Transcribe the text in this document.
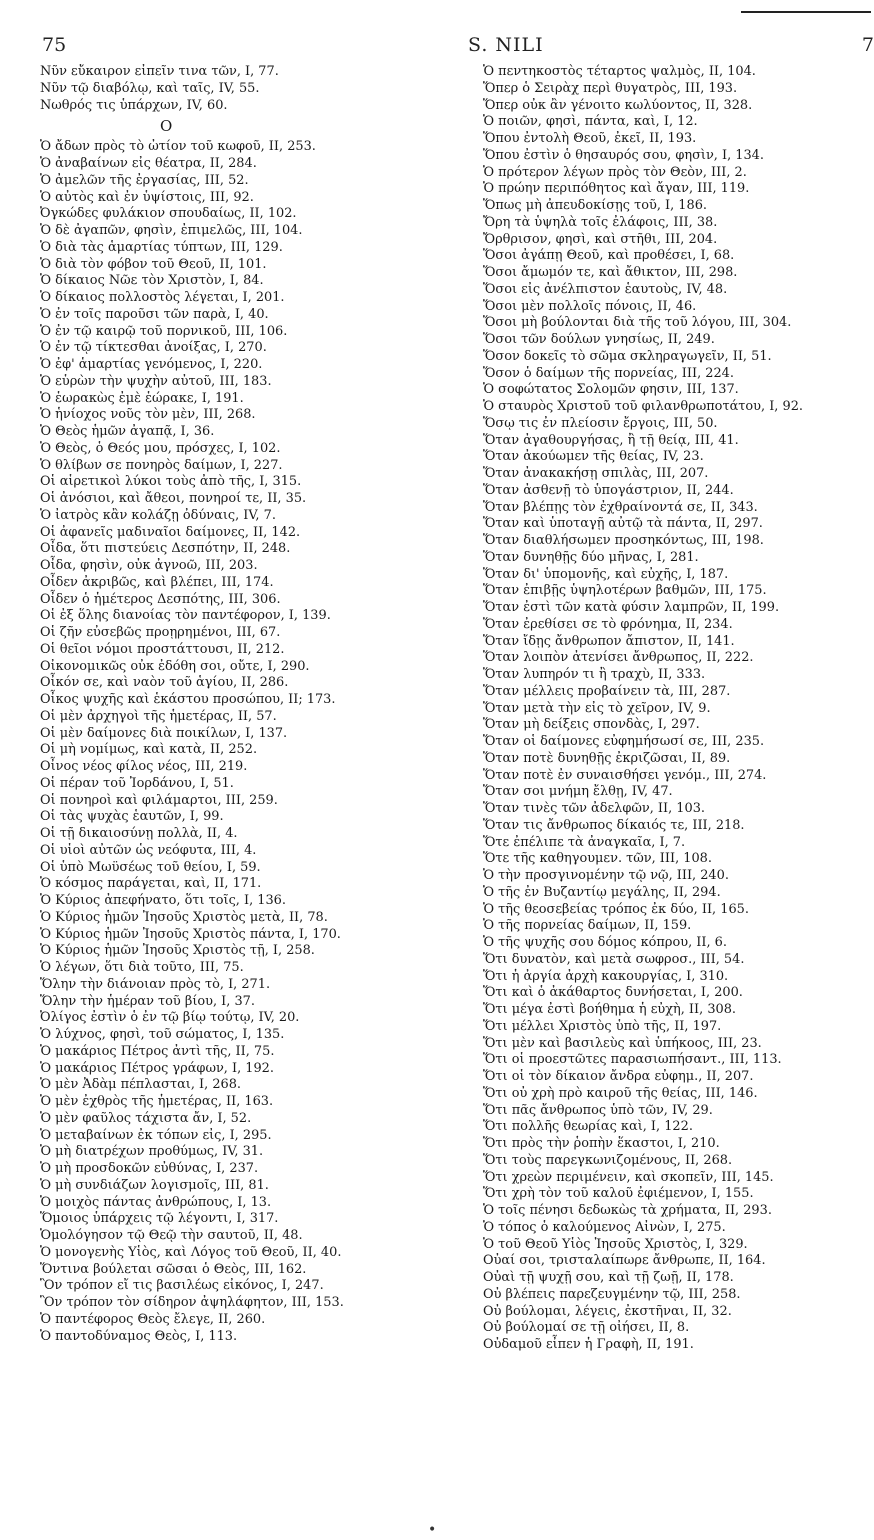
75	S. NILI	7
Νῦν εὔκαιρον εἰπεῖν τινα τῶν, I, 77.
Νῦν τῷ διαβόλῳ, καὶ ταῖς, IV, 55.
Νωθρός τις ὑπάρχων, IV, 60.
O
Ὁ ἄδων πρὸς τὸ ὠτίον τοῦ κωφοῦ, II, 253.
Ὁ ἀναβαίνων εἰς θέατρα, II, 284.
Ὁ ἀμελῶν τῆς ἐργασίας, III, 52.
Ὁ αὐτὸς καὶ ἐν ὑψίστοις, III, 92.
Ὀγκώδες φυλάκιον σπουδαίως, II, 102.
Ὁ δὲ ἀγαπῶν, φησὶν, ἐπιμελῶς, III, 104.
Ὁ διὰ τὰς ἁμαρτίας τύπτων, III, 129.
Ὁ διὰ τὸν φόβον τοῦ Θεοῦ, II, 101.
Ὁ δίκαιος Νῶε τὸν Χριστὸν, I, 84.
Ὁ δίκαιος πολλοστὸς λέγεται, I, 201.
Ὁ ἐν τοῖς παροῦσι τῶν παρὰ, I, 40.
Ὁ ἐν τῷ καιρῷ τοῦ πορνικοῦ, III, 106.
Ὁ ἐν τῷ τίκτεσθαι ἀνοίξας, I, 270.
Ὁ ἐφ' ἁμαρτίας γενόμενος, I, 220.
Ὁ εὑρὼν τὴν ψυχὴν αὐτοῦ, III, 183.
Ὁ ἑωρακὼς ἐμὲ ἑώρακε, I, 191.
Ὁ ἡνίοχος νοῦς τὸν μὲν, III, 268.
Ὁ Θεὸς ἡμῶν ἀγαπᾷ, I, 36.
Ὁ Θεὸς, ὁ Θεός μου, πρόσχες, I, 102.
Ὁ θλίβων σε πονηρὸς δαίμων, I, 227.
Οἱ αἱρετικοὶ λύκοι τοὺς ἀπὸ τῆς, I, 315.
Οἱ ἀνόσιοι, καὶ ἄθεοι, πονηροί τε, II, 35.
Ὁ ἰατρὸς κἂν κολάζῃ ὀδύναις, IV, 7.
Οἱ ἀφανεῖς μαδιναῖοι δαίμονες, II, 142.
Οἶδα, ὅτι πιστεύεις Δεσπότην, II, 248.
Οἶδα, φησὶν, οὐκ ἀγνοῶ, III, 203.
Οἶδεν ἀκριβῶς, καὶ βλέπει, III, 174.
Οἶδεν ὁ ἡμέτερος Δεσπότης, III, 306.
Οἱ ἐξ ὅλης διανοίας τὸν παντέφορον, I, 139.
Οἱ ζῆν εὐσεβῶς προῃρημένοι, III, 67.
Οἱ θεῖοι νόμοι προστάττουσι, II, 212.
Οἰκονομικῶς οὐκ ἐδόθη σοι, οὔτε, I, 290.
Οἶκόν σε, καὶ ναὸν τοῦ ἁγίου, II, 286.
Οἶκος ψυχῆς καὶ ἑκάστου προσώπου, II; 173.
Οἱ μὲν ἀρχηγοὶ τῆς ἡμετέρας, II, 57.
Οἱ μὲν δαίμονες διὰ ποικίλων, I, 137.
Οἱ μὴ νομίμως, καὶ κατὰ, II, 252.
Οἶνος νέος φίλος νέος, III, 219.
Οἱ πέραν τοῦ Ἰορδάνου, I, 51.
Οἱ πονηροὶ καὶ φιλάμαρτοι, III, 259.
Οἱ τὰς ψυχὰς ἑαυτῶν, I, 99.
Οἱ τῇ δικαιοσύνῃ πολλὰ, II, 4.
Οἱ υἱοὶ αὐτῶν ὡς νεόφυτα, III, 4.
Οἱ ὑπὸ Μωϋσέως τοῦ θείου, I, 59.
Ὁ κόσμος παράγεται, καὶ, II, 171.
Ὁ Κύριος ἀπεφήνατο, ὅτι τοῖς, I, 136.
Ὁ Κύριος ἡμῶν Ἰησοῦς Χριστὸς μετὰ, II, 78.
Ὁ Κύριος ἡμῶν Ἰησοῦς Χριστὸς πάντα, I, 170.
Ὁ Κύριος ἡμῶν Ἰησοῦς Χριστὸς τῇ, I, 258.
Ὁ λέγων, ὅτι διὰ τοῦτο, III, 75.
Ὅλην τὴν διάνοιαν πρὸς τὸ, I, 271.
Ὅλην τὴν ἡμέραν τοῦ βίου, I, 37.
Ὀλίγος ἐστὶν ὁ ἐν τῷ βίῳ τούτῳ, IV, 20.
Ὁ λύχνος, φησὶ, τοῦ σώματος, I, 135.
Ὁ μακάριος Πέτρος ἀντὶ τῆς, II, 75.
Ὁ μακάριος Πέτρος γράφων, I, 192.
Ὁ μὲν Ἀδὰμ πέπλασται, I, 268.
Ὁ μὲν ἐχθρὸς τῆς ἡμετέρας, II, 163.
Ὁ μὲν φαῦλος τάχιστα ἄν, I, 52.
Ὁ μεταβαίνων ἐκ τόπων εἰς, I, 295.
Ὁ μὴ διατρέχων προθύμως, IV, 31.
Ὁ μὴ προσδοκῶν εὐθύνας, I, 237.
Ὁ μὴ συνδιάζων λογισμοῖς, III, 81.
Ὁ μοιχὸς πάντας ἀνθρώπους, I, 13.
Ὅμοιος ὑπάρχεις τῷ λέγοντι, I, 317.
Ὁμολόγησον τῷ Θεῷ τὴν σαυτοῦ, II, 48.
Ὁ μονογενὴς Υἱὸς, καὶ Λόγος τοῦ Θεοῦ, II, 40.
Ὅντινα βούλεται σῶσαι ὁ Θεὸς, III, 162.
Ὃν τρόπον εἴ τις βασιλέως εἰκόνος, I, 247.
Ὃν τρόπον τὸν σίδηρον ἀψηλάφητον, III, 153.
Ὁ παντέφορος Θεὸς ἔλεγε, II, 260.
Ὁ παντοδύναμος Θεὸς, I, 113.
Ὁ πεντηκοστὸς τέταρτος ψαλμὸς, II, 104.
Ὅπερ ὁ Σειρὰχ περὶ θυγατρὸς, III, 193.
Ὅπερ οὐκ ἂν γένοιτο κωλύοντος, II, 328.
Ὁ ποιῶν, φησὶ, πάντα, καὶ, I, 12.
Ὅπου ἐντολὴ Θεοῦ, ἐκεῖ, II, 193.
Ὅπου ἐστὶν ὁ θησαυρός σου, φησὶν, I, 134.
Ὁ πρότερον λέγων πρὸς τὸν Θεὸν, III, 2.
Ὁ πρώην περιπόθητος καὶ ἄγαν, III, 119.
Ὅπως μὴ ἀπευδοκίσῃς τοῦ, I, 186.
Ὄρη τὰ ὑψηλὰ τοῖς ἐλάφοις, III, 38.
Ὄρθρισον, φησὶ, καὶ στῆθι, III, 204.
Ὅσοι ἀγάπῃ Θεοῦ, καὶ προθέσει, I, 68.
Ὅσοι ἄμωμόν τε, καὶ ἄθικτον, III, 298.
Ὅσοι εἰς ἀνέλπιστον ἑαυτοὺς, IV, 48.
Ὅσοι μὲν πολλοῖς πόνοις, II, 46.
Ὅσοι μὴ βούλονται διὰ τῆς τοῦ λόγου, III, 304.
Ὅσοι τῶν δούλων γνησίως, II, 249.
Ὅσον δοκεῖς τὸ σῶμα σκληραγωγεῖν, II, 51.
Ὅσον ὁ δαίμων τῆς πορνείας, III, 224.
Ὁ σοφώτατος Σολομῶν φησιν, III, 137.
Ὁ σταυρὸς Χριστοῦ τοῦ φιλανθρωποτάτου, I, 92.
Ὅσῳ τις ἐν πλείοσιν ἔργοις, III, 50.
Ὅταν ἀγαθουργήσας, ἢ τῇ θείᾳ, III, 41.
Ὅταν ἀκούωμεν τῆς θείας, IV, 23.
Ὅταν ἀνακακήσῃ σπιλὰς, III, 207.
Ὅταν ἀσθενῇ τὸ ὑπογάστριον, II, 244.
Ὅταν βλέπῃς τὸν ἐχθραίνοντά σε, II, 343.
Ὅταν καὶ ὑποταγῇ αὐτῷ τὰ πάντα, II, 297.
Ὅταν διαθλήσωμεν προσηκόντως, III, 198.
Ὅταν δυνηθῇς δύο μῆνας, I, 281.
Ὅταν δι' ὑπομονῆς, καὶ εὐχῆς, I, 187.
Ὅταν ἐπιβῇς ὑψηλοτέρων βαθμῶν, III, 175.
Ὅταν ἐστὶ τῶν κατὰ φύσιν λαμπρῶν, II, 199.
Ὅταν ἐρεθίσει σε τὸ φρόνημα, II, 234.
Ὅταν ἴδῃς ἄνθρωπον ἄπιστον, II, 141.
Ὅταν λοιπὸν ἀτενίσει ἄνθρωπος, II, 222.
Ὅταν λυπηρόν τι ἢ τραχὺ, II, 333.
Ὅταν μέλλεις προβαίνειν τὰ, III, 287.
Ὅταν μετὰ τὴν εἰς τὸ χεῖρον, IV, 9.
Ὅταν μὴ δείξεις σπονδὰς, I, 297.
Ὅταν οἱ δαίμονες εὐφημήσωσί σε, III, 235.
Ὅταν ποτὲ δυνηθῇς ἐκριζῶσαι, II, 89.
Ὅταν ποτὲ ἐν συναισθήσει γενόμ., III, 274.
Ὅταν σοι μνήμη ἔλθῃ, IV, 47.
Ὅταν τινὲς τῶν ἀδελφῶν, II, 103.
Ὅταν τις ἄνθρωπος δίκαιός τε, III, 218.
Ὅτε ἐπέλιπε τὰ ἀναγκαῖα, I, 7.
Ὅτε τῆς καθηγουμεν. τῶν, III, 108.
Ὁ τὴν προσγινομένην τῷ νῷ, III, 240.
Ὁ τῆς ἐν Βυζαντίῳ μεγάλης, II, 294.
Ὁ τῆς θεοσεβείας τρόπος ἐκ δύο, II, 165.
Ὁ τῆς πορνείας δαίμων, II, 159.
Ὁ τῆς ψυχῆς σου δόμος κόπρου, II, 6.
Ὅτι δυνατὸν, καὶ μετὰ σωφροσ., III, 54.
Ὅτι ἡ ἀργία ἀρχὴ κακουργίας, I, 310.
Ὅτι καὶ ὁ ἀκάθαρτος δυνήσεται, I, 200.
Ὅτι μέγα ἐστὶ βοήθημα ἡ εὐχὴ, II, 308.
Ὅτι μέλλει Χριστὸς ὑπὸ τῆς, II, 197.
Ὅτι μὲν καὶ βασιλεὺς καὶ ὑπήκοος, III, 23.
Ὅτι οἱ προεστῶτες παρασιωπήσαντ., III, 113.
Ὅτι οἱ τὸν δίκαιον ἄνδρα εὐφημ., II, 207.
Ὅτι οὐ χρὴ πρὸ καιροῦ τῆς θείας, III, 146.
Ὅτι πᾶς ἄνθρωπος ὑπὸ τῶν, IV, 29.
Ὅτι πολλῆς θεωρίας καὶ, I, 122.
Ὅτι πρὸς τὴν ῥοπὴν ἕκαστοι, I, 210.
Ὅτι τοὺς παρεγκωνιζομένους, II, 268.
Ὅτι χρεὼν περιμένειν, καὶ σκοπεῖν, III, 145.
Ὅτι χρὴ τὸν τοῦ καλοῦ ἐφιέμενον, I, 155.
Ὁ τοῖς πένησι δεδωκὼς τὰ χρήματα, II, 293.
Ὁ τόπος ὁ καλούμενος Αἰνὼν, I, 275.
Ὁ τοῦ Θεοῦ Υἱὸς Ἰησοῦς Χριστὸς, I, 329.
Οὐαί σοι, τρισταλαίπωρε ἄνθρωπε, II, 164.
Οὐαὶ τῇ ψυχῇ σου, καὶ τῇ ζωῇ, II, 178.
Οὐ βλέπεις παρεζευγμένην τῷ, III, 258.
Οὐ βούλομαι, λέγεις, ἐκστῆναι, II, 32.
Οὐ βούλομαί σε τῇ οἰήσει, II, 8.
Οὐδαμοῦ εἶπεν ἡ Γραφὴ, II, 191.
•
